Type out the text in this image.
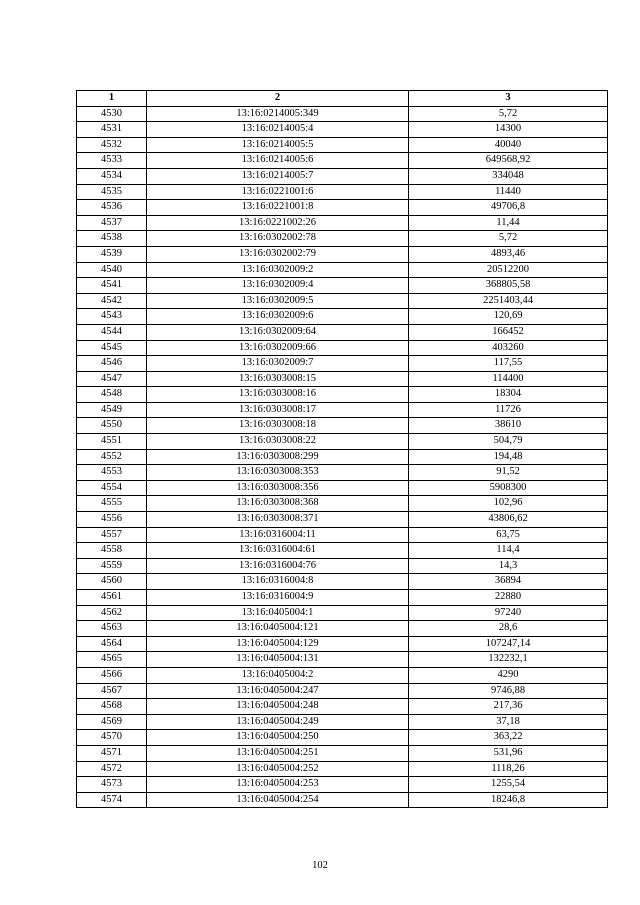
1	2	3
4530	13:16:0214005:349	5,72
4531	13:16:0214005:4	14300
4532	13:16:0214005:5	40040
4533	13:16:0214005:6	649568,92
4534	13:16:0214005:7	334048
4535	13:16:0221001:6	11440
4536	13:16:0221001:8	49706,8
4537	13:16:0221002:26	11,44
4538	13:16:0302002:78	5,72
4539	13:16:0302002:79	4893,46
4540	13:16:0302009:2	20512200
4541	13:16:0302009:4	368805,58
4542	13:16:0302009:5	2251403,44
4543	13:16:0302009:6	120,69
4544	13:16:0302009:64	166452
4545	13:16:0302009:66	403260
4546	13:16:0302009:7	117,55
4547	13:16:0303008:15	114400
4548	13:16:0303008:16	18304
4549	13:16:0303008:17	11726
4550	13:16:0303008:18	38610
4551	13:16:0303008:22	504,79
4552	13:16:0303008:299	194,48
4553	13:16:0303008:353	91,52
4554	13:16:0303008:356	5908300
4555	13:16:0303008:368	102,96
4556	13:16:0303008:371	43806,62
4557	13:16:0316004:11	63,75
4558	13:16:0316004:61	114,4
4559	13:16:0316004:76	14,3
4560	13:16:0316004:8	36894
4561	13:16:0316004:9	22880
4562	13:16:0405004:1	97240
4563	13:16:0405004:121	28,6
4564	13:16:0405004:129	107247,14
4565	13:16:0405004:131	132232,1
4566	13:16:0405004:2	4290
4567	13:16:0405004:247	9746,88
4568	13:16:0405004:248	217,36
4569	13:16:0405004:249	37,18
4570	13:16:0405004:250	363,22
4571	13:16:0405004:251	531,96
4572	13:16:0405004:252	1118,26
4573	13:16:0405004:253	1255,54
4574	13:16:0405004:254	18246,8
102
